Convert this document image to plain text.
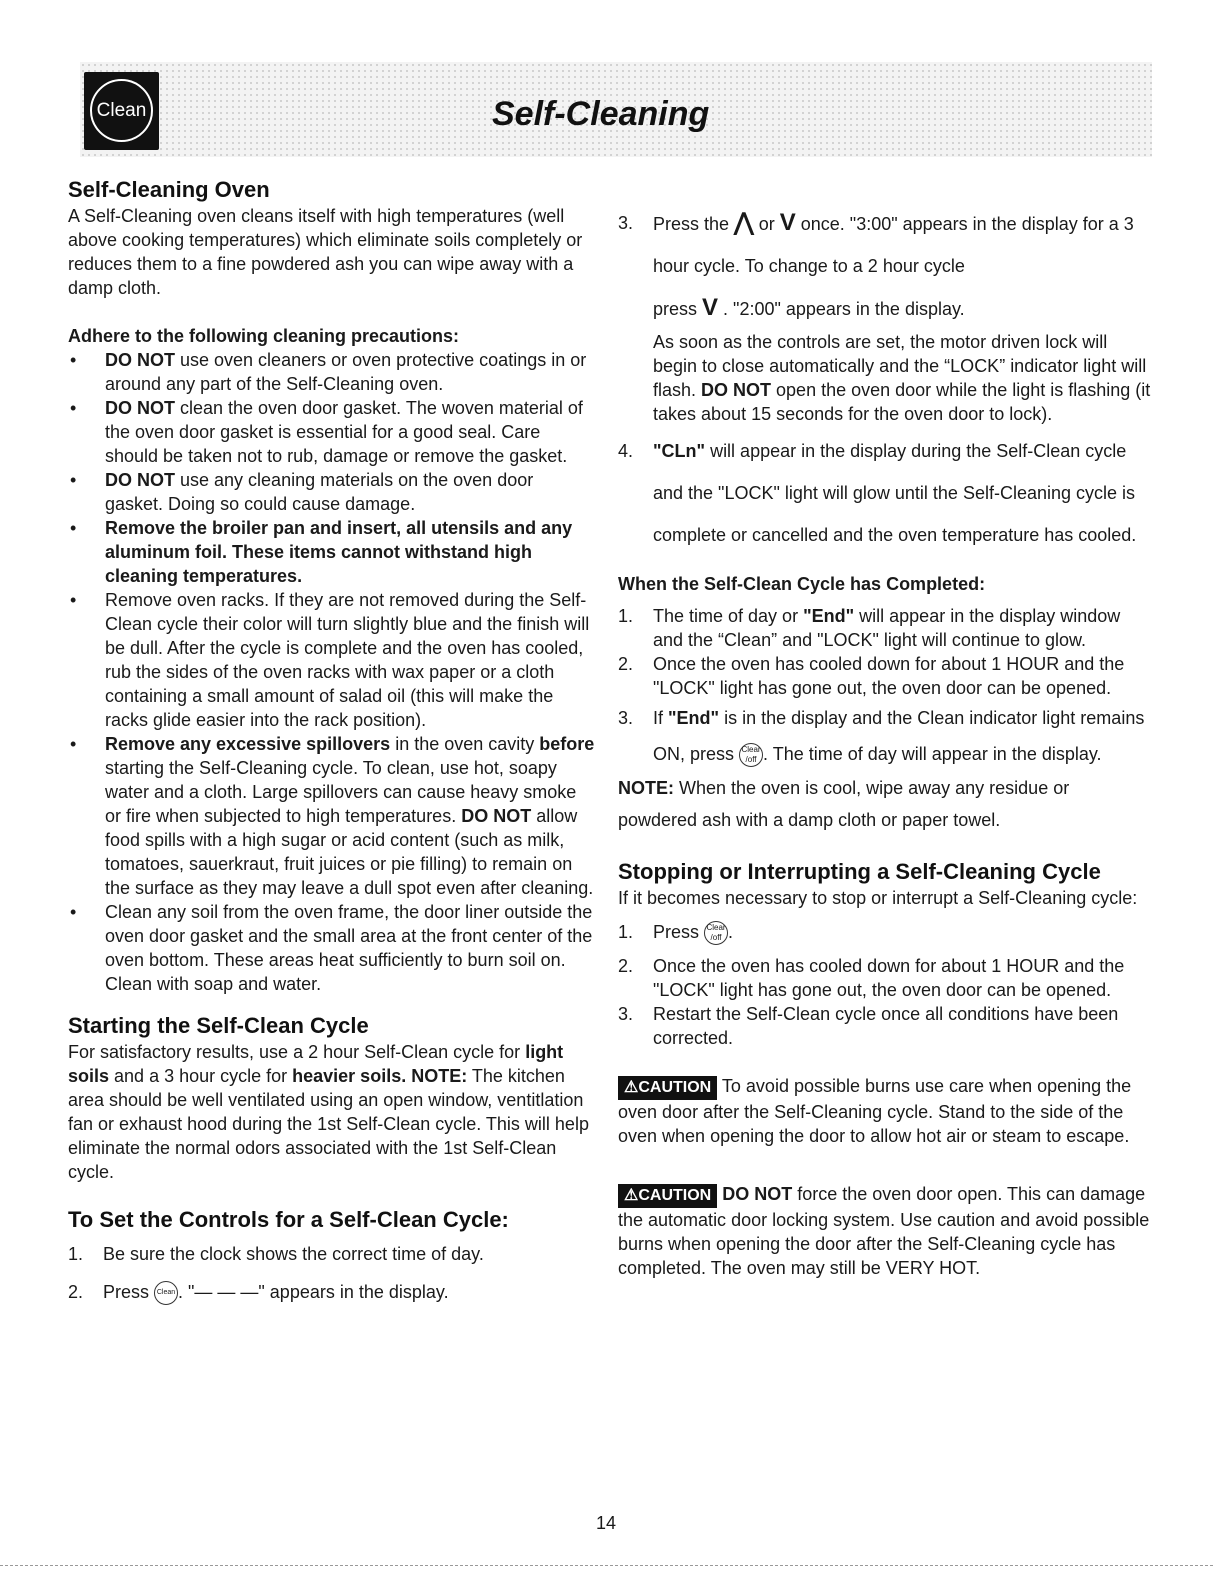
Clean	Self-Cleaning
Self-Cleaning Oven

A Self-Cleaning oven cleans itself with high temperatures (well above cooking temperatures) which eliminate soils completely or reduces them to a fine powdered ash you can wipe away with a damp cloth.

Adhere to the following cleaning precautions:
• DO NOT use oven cleaners or oven protective coatings in or around any part of the Self-Cleaning oven.
• DO NOT clean the oven door gasket. The woven material of the oven door gasket is essential for a good seal. Care should be taken not to rub, damage or remove the gasket.
• DO NOT use any cleaning materials on the oven door gasket. Doing so could cause damage.
• Remove the broiler pan and insert, all utensils and any aluminum foil. These items cannot withstand high cleaning temperatures.
• Remove oven racks. If they are not removed during the Self-Clean cycle their color will turn slightly blue and the finish will be dull. After the cycle is complete and the oven has cooled, rub the sides of the oven racks with wax paper or a cloth containing a small amount of salad oil (this will make the racks glide easier into the rack position).
• Remove any excessive spillovers in the oven cavity before starting the Self-Cleaning cycle. To clean, use hot, soapy water and a cloth. Large spillovers can cause heavy smoke or fire when subjected to high temperatures. DO NOT allow food spills with a high sugar or acid content (such as milk, tomatoes, sauerkraut, fruit juices or pie filling) to remain on the surface as they may leave a dull spot even after cleaning.
• Clean any soil from the oven frame, the door liner outside the oven door gasket and the small area at the front center of the oven bottom. These areas heat sufficiently to burn soil on. Clean with soap and water.
Starting the Self-Clean Cycle

For satisfactory results, use a 2 hour Self-Clean cycle for light soils and a 3 hour cycle for heavier soils. NOTE: The kitchen area should be well ventilated using an open window, ventitlation fan or exhaust hood during the 1st Self-Clean cycle. This will help eliminate the normal odors associated with the 1st Self-Clean cycle.

To Set the Controls for a Self-Clean Cycle:
1. Be sure the clock shows the correct time of day.
2. Press Clean . "— — —" appears in the display.
3. Press the ⋀ or V once. "3:00" appears in the display for a 3 hour cycle. To change to a 2 hour cycle
press V . "2:00" appears in the display.
As soon as the controls are set, the motor driven lock will begin to close automatically and the “LOCK” indicator light will flash. DO NOT open the oven door while the light is flashing (it takes about 15 seconds for the oven door to lock).
4. "CLn" will appear in the display during the Self-Clean cycle and the "LOCK" light will glow until the Self-Cleaning cycle is complete or cancelled and the oven temperature has cooled.
When the Self-Clean Cycle has Completed:
1. The time of day or "End" will appear in the display window and the “Clean” and "LOCK" light will continue to glow.
2. Once the oven has cooled down for about 1 HOUR and the "LOCK" light has gone out, the oven door can be opened.
3. If "End" is in the display and the Clean indicator light remains ON, press Clear
/off . The time of day will appear in the display.

NOTE: When the oven is cool, wipe away any residue or powdered ash with a damp cloth or paper towel.

Stopping or Interrupting a Self-Cleaning Cycle

If it becomes necessary to stop or interrupt a Self-Cleaning cycle:

1. Press Clear
/off .
2. Once the oven has cooled down for about 1 HOUR and the "LOCK" light has gone out, the oven door can be opened.
3. Restart the Self-Clean cycle once all conditions have been corrected.

⚠CAUTION To avoid possible burns use care when opening the oven door after the Self-Cleaning cycle. Stand to the side of the oven when opening the door to allow hot air or steam to escape.

⚠CAUTION DO NOT force the oven door open. This can damage the automatic door locking system. Use caution and avoid possible burns when opening the door after the Self-Cleaning cycle has completed. The oven may still be VERY HOT.

14
